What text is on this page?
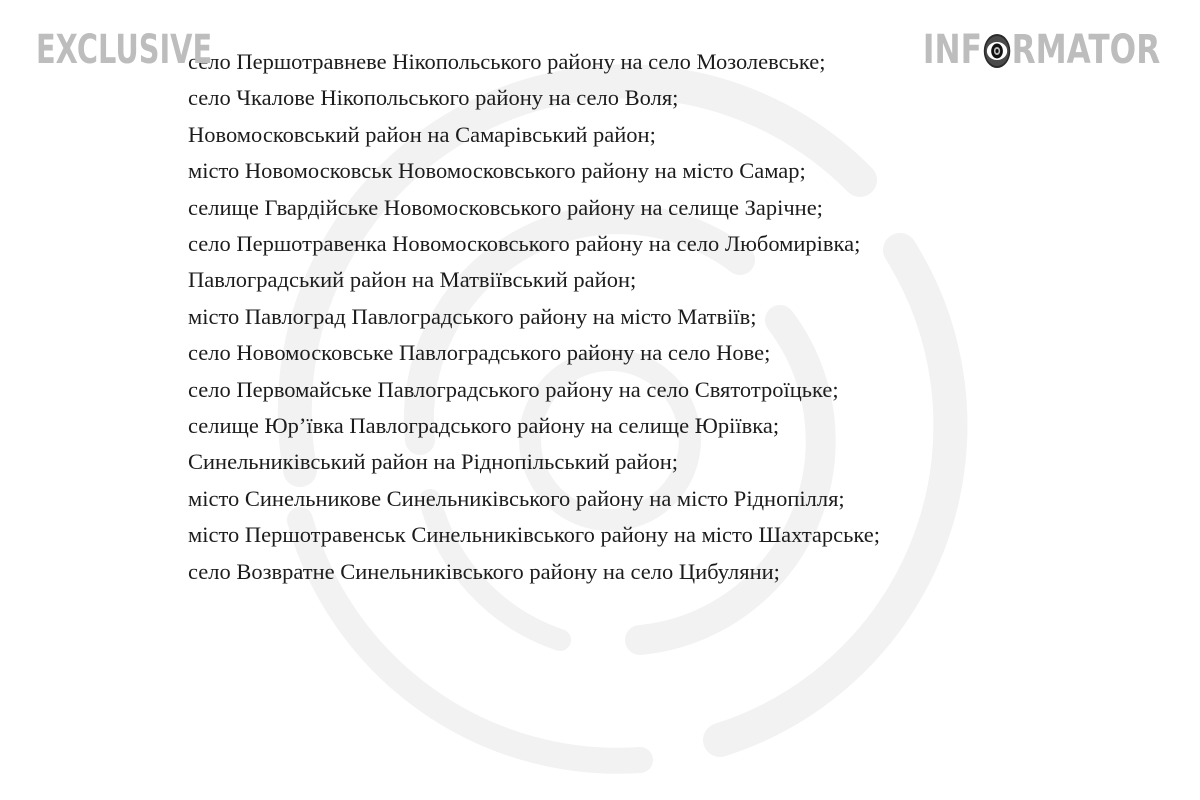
EXCLUSIVE	INF RMATOR
село Першотравневе Нікопольського району на село Мозолевське;
село Чкалове Нікопольського району на село Воля;
Новомосковський район на Самарівський район;
місто Новомосковськ Новомосковського району на місто Самар;
селище Гвардійське Новомосковського району на селище Зарічне;
село Першотравенка Новомосковського району на село Любомирівка;
Павлоградський район на Матвіївський район;
місто Павлоград Павлоградського району на місто Матвіїв;
село Новомосковське Павлоградського району на село Нове;
село Первомайське Павлоградського району на село Святотроїцьке;
селище Юр’ївка Павлоградського району на селище Юріївка;
Синельниківський район на Ріднопільський район;
місто Синельникове Синельниківського району на місто Ріднопілля;
місто Першотравенськ Синельниківського району на місто Шахтарське;
село Возвратне Синельниківського району на село Цибуляни;
